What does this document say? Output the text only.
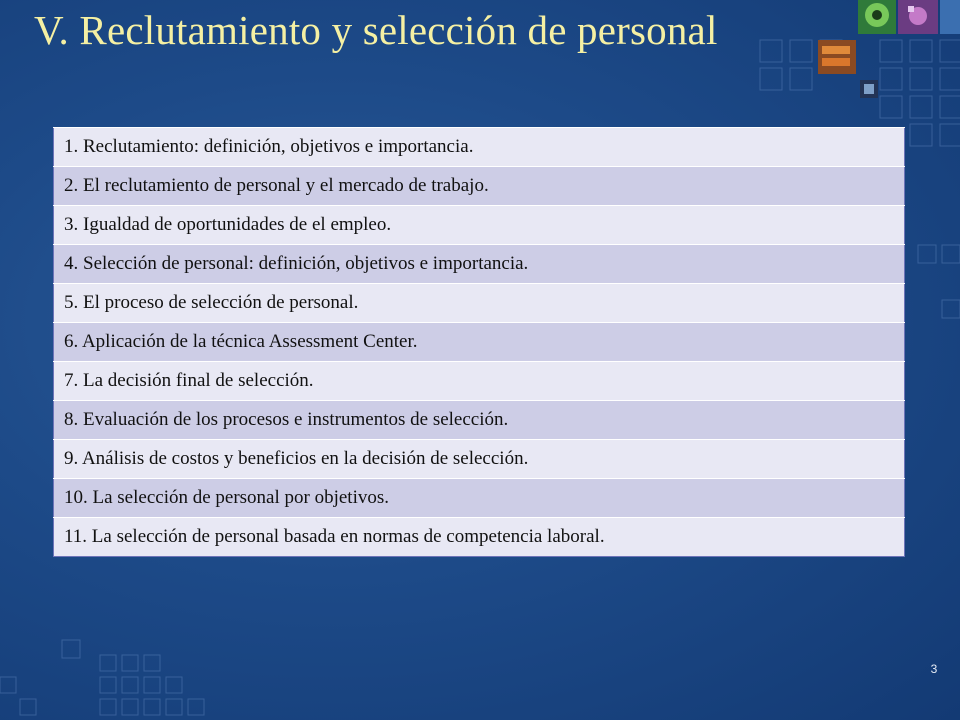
V. Reclutamiento y selección de personal
1. Reclutamiento: definición, objetivos e importancia.
2. El reclutamiento de personal y el mercado de trabajo.
3. Igualdad de oportunidades de el empleo.
4. Selección de personal: definición, objetivos e importancia.
5. El proceso de selección de personal.
6. Aplicación de la técnica Assessment Center.
7. La decisión final de selección.
8. Evaluación de los procesos e instrumentos de selección.
9. Análisis de costos y beneficios en la decisión de selección.
10. La selección de personal por objetivos.
11. La selección de personal basada en normas de competencia laboral.
3
